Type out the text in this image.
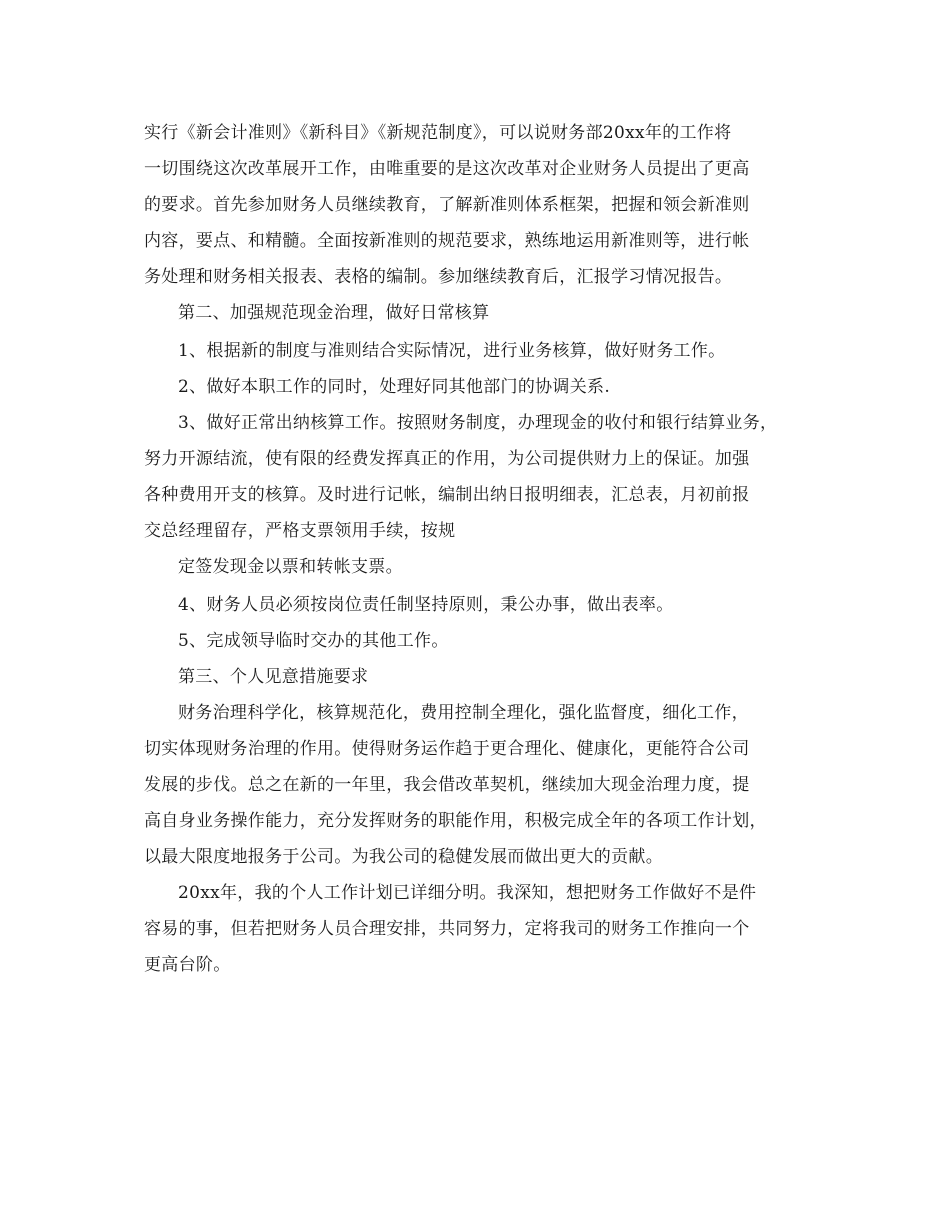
实行《新会计准则》《新科目》《新规范制度》，可以说财务部20xx年的工作将
一切围绕这次改革展开工作，由唯重要的是这次改革对企业财务人员提出了更高
的要求。首先参加财务人员继续教育，了解新准则体系框架，把握和领会新准则
内容，要点、和精髓。全面按新准则的规范要求，熟练地运用新准则等，进行帐
务处理和财务相关报表、表格的编制。参加继续教育后，汇报学习情况报告。
第二、加强规范现金治理，做好日常核算
1、根据新的制度与准则结合实际情况，进行业务核算，做好财务工作。
2、做好本职工作的同时，处理好同其他部门的协调关系.
3、做好正常出纳核算工作。按照财务制度，办理现金的收付和银行结算业务，
努力开源结流，使有限的经费发挥真正的作用，为公司提供财力上的保证。加强
各种费用开支的核算。及时进行记帐，编制出纳日报明细表，汇总表，月初前报
交总经理留存，严格支票领用手续，按规
定签发现金以票和转帐支票。
4、财务人员必须按岗位责任制坚持原则，秉公办事，做出表率。
5、完成领导临时交办的其他工作。
第三、个人见意措施要求
财务治理科学化，核算规范化，费用控制全理化，强化监督度，细化工作，
切实体现财务治理的作用。使得财务运作趋于更合理化、健康化，更能符合公司
发展的步伐。总之在新的一年里，我会借改革契机，继续加大现金治理力度，提
高自身业务操作能力，充分发挥财务的职能作用，积极完成全年的各项工作计划，
以最大限度地报务于公司。为我公司的稳健发展而做出更大的贡献。
20xx年，我的个人工作计划已详细分明。我深知，想把财务工作做好不是件
容易的事，但若把财务人员合理安排，共同努力，定将我司的财务工作推向一个
更高台阶。
